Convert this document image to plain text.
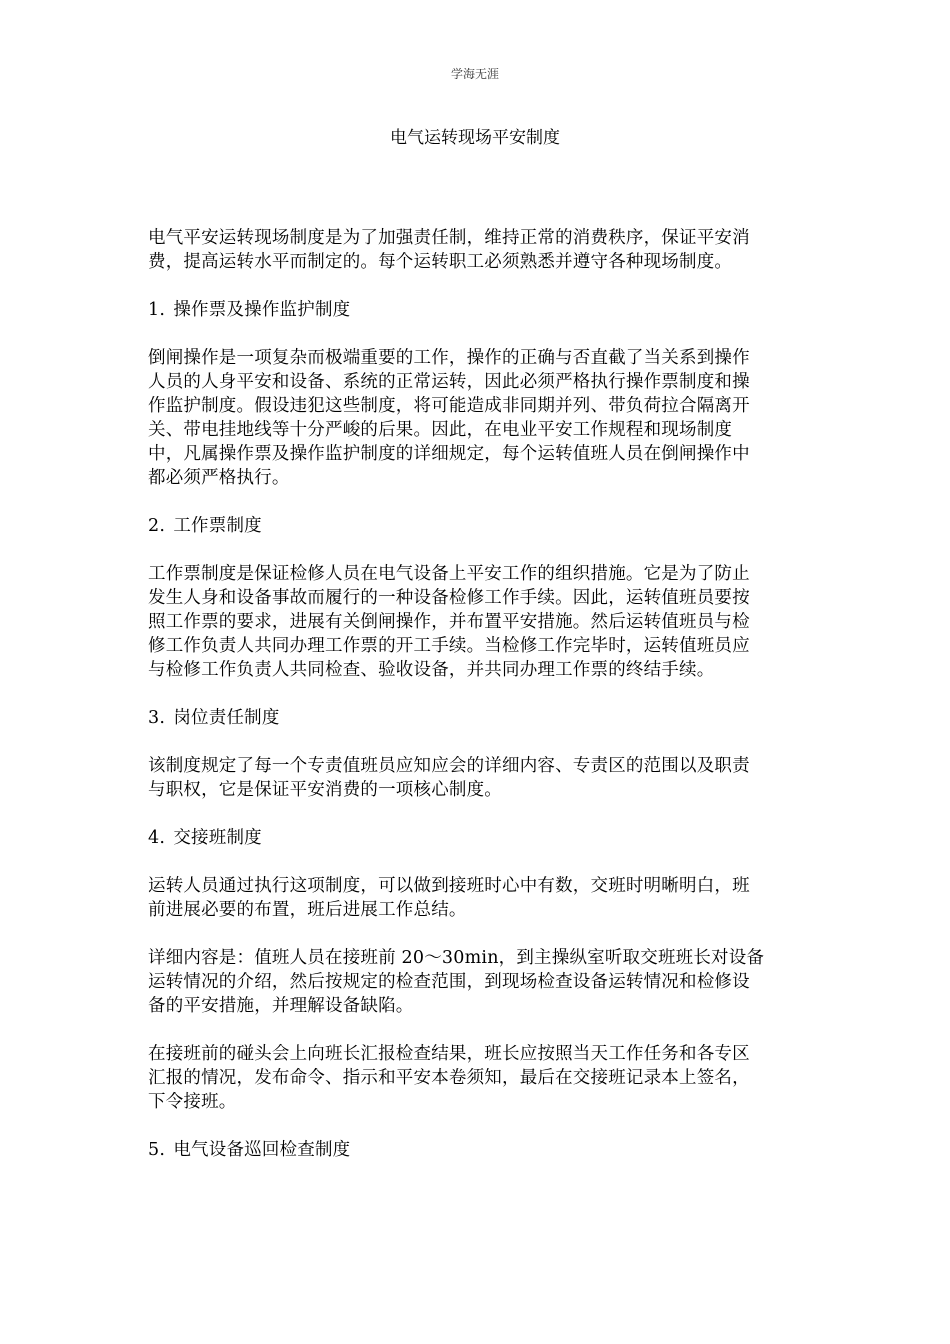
学海无涯
电气运转现场平安制度
电气平安运转现场制度是为了加强责任制，维持正常的消费秩序，保证平安消
费，提高运转水平而制定的。每个运转职工必须熟悉并遵守各种现场制度。
1. 操作票及操作监护制度
倒闸操作是一项复杂而极端重要的工作，操作的正确与否直截了当关系到操作
人员的人身平安和设备、系统的正常运转，因此必须严格执行操作票制度和操
作监护制度。假设违犯这些制度，将可能造成非同期并列、带负荷拉合隔离开
关、带电挂地线等十分严峻的后果。因此，在电业平安工作规程和现场制度
中，凡属操作票及操作监护制度的详细规定，每个运转值班人员在倒闸操作中
都必须严格执行。
2. 工作票制度
工作票制度是保证检修人员在电气设备上平安工作的组织措施。它是为了防止
发生人身和设备事故而履行的一种设备检修工作手续。因此，运转值班员要按
照工作票的要求，进展有关倒闸操作，并布置平安措施。然后运转值班员与检
修工作负责人共同办理工作票的开工手续。当检修工作完毕时，运转值班员应
与检修工作负责人共同检查、验收设备，并共同办理工作票的终结手续。
3. 岗位责任制度
该制度规定了每一个专责值班员应知应会的详细内容、专责区的范围以及职责
与职权，它是保证平安消费的一项核心制度。
4. 交接班制度
运转人员通过执行这项制度，可以做到接班时心中有数，交班时明晰明白，班
前进展必要的布置，班后进展工作总结。
详细内容是：值班人员在接班前 20～30min，到主操纵室听取交班班长对设备
运转情况的介绍，然后按规定的检查范围，到现场检查设备运转情况和检修设
备的平安措施，并理解设备缺陷。
在接班前的碰头会上向班长汇报检查结果，班长应按照当天工作任务和各专区
汇报的情况，发布命令、指示和平安本卷须知，最后在交接班记录本上签名，
下令接班。
5. 电气设备巡回检查制度
